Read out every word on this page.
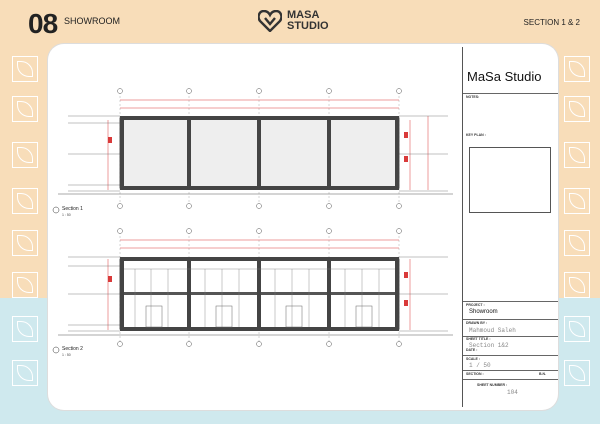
08 SHOWROOM	SECTION 1 & 2
MASA
STUDIO
Section 1
1 : 50
Section 2
1 : 50
MaSa Studio
NOTES:
KEY PLAN :
PROJECT :
Showroom
DRAWN BY :
Mahmoud Saleh
SHEET TITLE :
Section 1&2
DATE :
SCALE :
1 / 50
SECTION :	B.N.
SHEET NUMBER :
104
